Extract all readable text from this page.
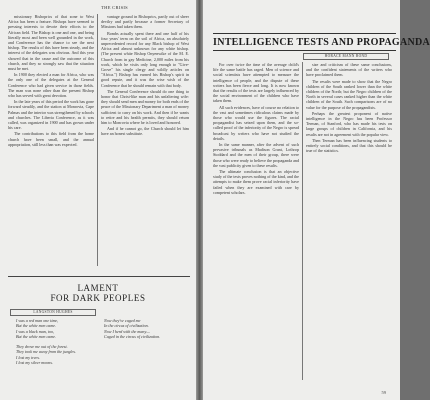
THE CRISIS

missionary Bishoprics of that zone to West Africa has been a feature. Bishops have seemed to pressing interests to devote their efforts to the African field. The Bishop is one and one, and being literally most and been well grounded in the work, and Conference has the chance to see the next bishop. The results of this have been steady, and the interest of the delegates was obvious. And this year showed that in the cause and the outcome of this church, and they so strongly saw that the situation must be met.

In 1900 they elected a man for Africa, who was the only one of the delegates at the General Conference who had given service in those fields. The man was none other than the present Bishop who has served with great devotion.

In the late years of this period the work has gone forward steadily, and the station at Monrovia, Cape Palmas and the interior was strengthened by schools and churches. The Liberia Conference, as it was called, was organized in 1900 and has grown under his care.

The contributions to this field from the home church have been small, and the annual appropriation, still less than was expected.

vantage ground in Bishoprics, partly out of sheer devilry and partly because a former Secretary of Missions had taken them.

Bombs actually spent there and one half of his four years' term on the soil of Africa, an absolutely unprecedented record for any Black bishop of West Africa and almost unknown for any white bishop. (The present white Bishop Onyenwike of the M. E. Church from in gay Medicine, 2,000 miles from his work, which he visits only long enough to "Give-Grove" his single clergy and wildly articles on "Africa.") Bishop has earned his Bishop's spirit in good repute, and it was the wise wish of the Conference that he should remain with that body.

The General Conference should do one thing to honor that Christ-like man and his unfaltering wife: they should send men and money for both ends of the peace of the Missionary Department a man of money sufficient to carry on his work. And then if he wants to retire and his health permits, they should return him to Monrovia where he is loved and honored.

And if he cannot go, the Church should let him have an honest substitute.

LAMENT
FOR DARK PEOPLES
LANGSTON HUGHES
I was a red man one time,
But the white men came.
I was a black man, too,
But the white men came.
They drove me out of the forest.
They took me away from the jungles.
I lost my trees.
I lost my silver moons.
Now they've caged me
In the circus of civilization.
Now I herd with the many—
Caged in the circus of civilization.
INTELLIGENCE TESTS AND PROPAGANDA
HORACE MANN BOND

For over twice the time of the average child's life the same battle has raged. Men of science and social scientists have attempted to measure the intelligence of people, and the dispute of these writers has been fierce and long. It is now known that the results of the tests are largely influenced by the social environment of the children who have taken them.

All such evidences, have of course no relation to the vast and sometimes ridiculous claims made by those who would use the figures. The racial propagandist has seized upon them, and the so-called proof of the inferiority of the Negro is spread broadcast by writers who have not studied the details.

In the same manner, after the advent of such pervasive tribunals as Madison Grant, Lothrop Stoddard and the men of their group, there were those who were ready to believe the propaganda and the vast publicity given to these results.

The ultimate conclusion is that an objective study of the tests proves nothing of the kind, and the attempts to make them prove racial inferiority have failed when they are examined with care by competent scholars.

size and criticism of these same conclusions, and the confident statements of the writers who have proclaimed them.

The results were made to show that the Negro children of the South ranked lower than the white children of the North; but the Negro children of the North in several cases ranked higher than the white children of the South. Such comparisons are of no value for the purpose of the propagandists.

Perhaps the greatest proponent of native intelligence in the Negro has been Professor Terman, of Stanford, who has made his tests on large groups of children in California, and his results are not in agreement with the popular view.

Then Terman has been influencing students to entirely social conditions, and that this should be true of the statistics.

59
